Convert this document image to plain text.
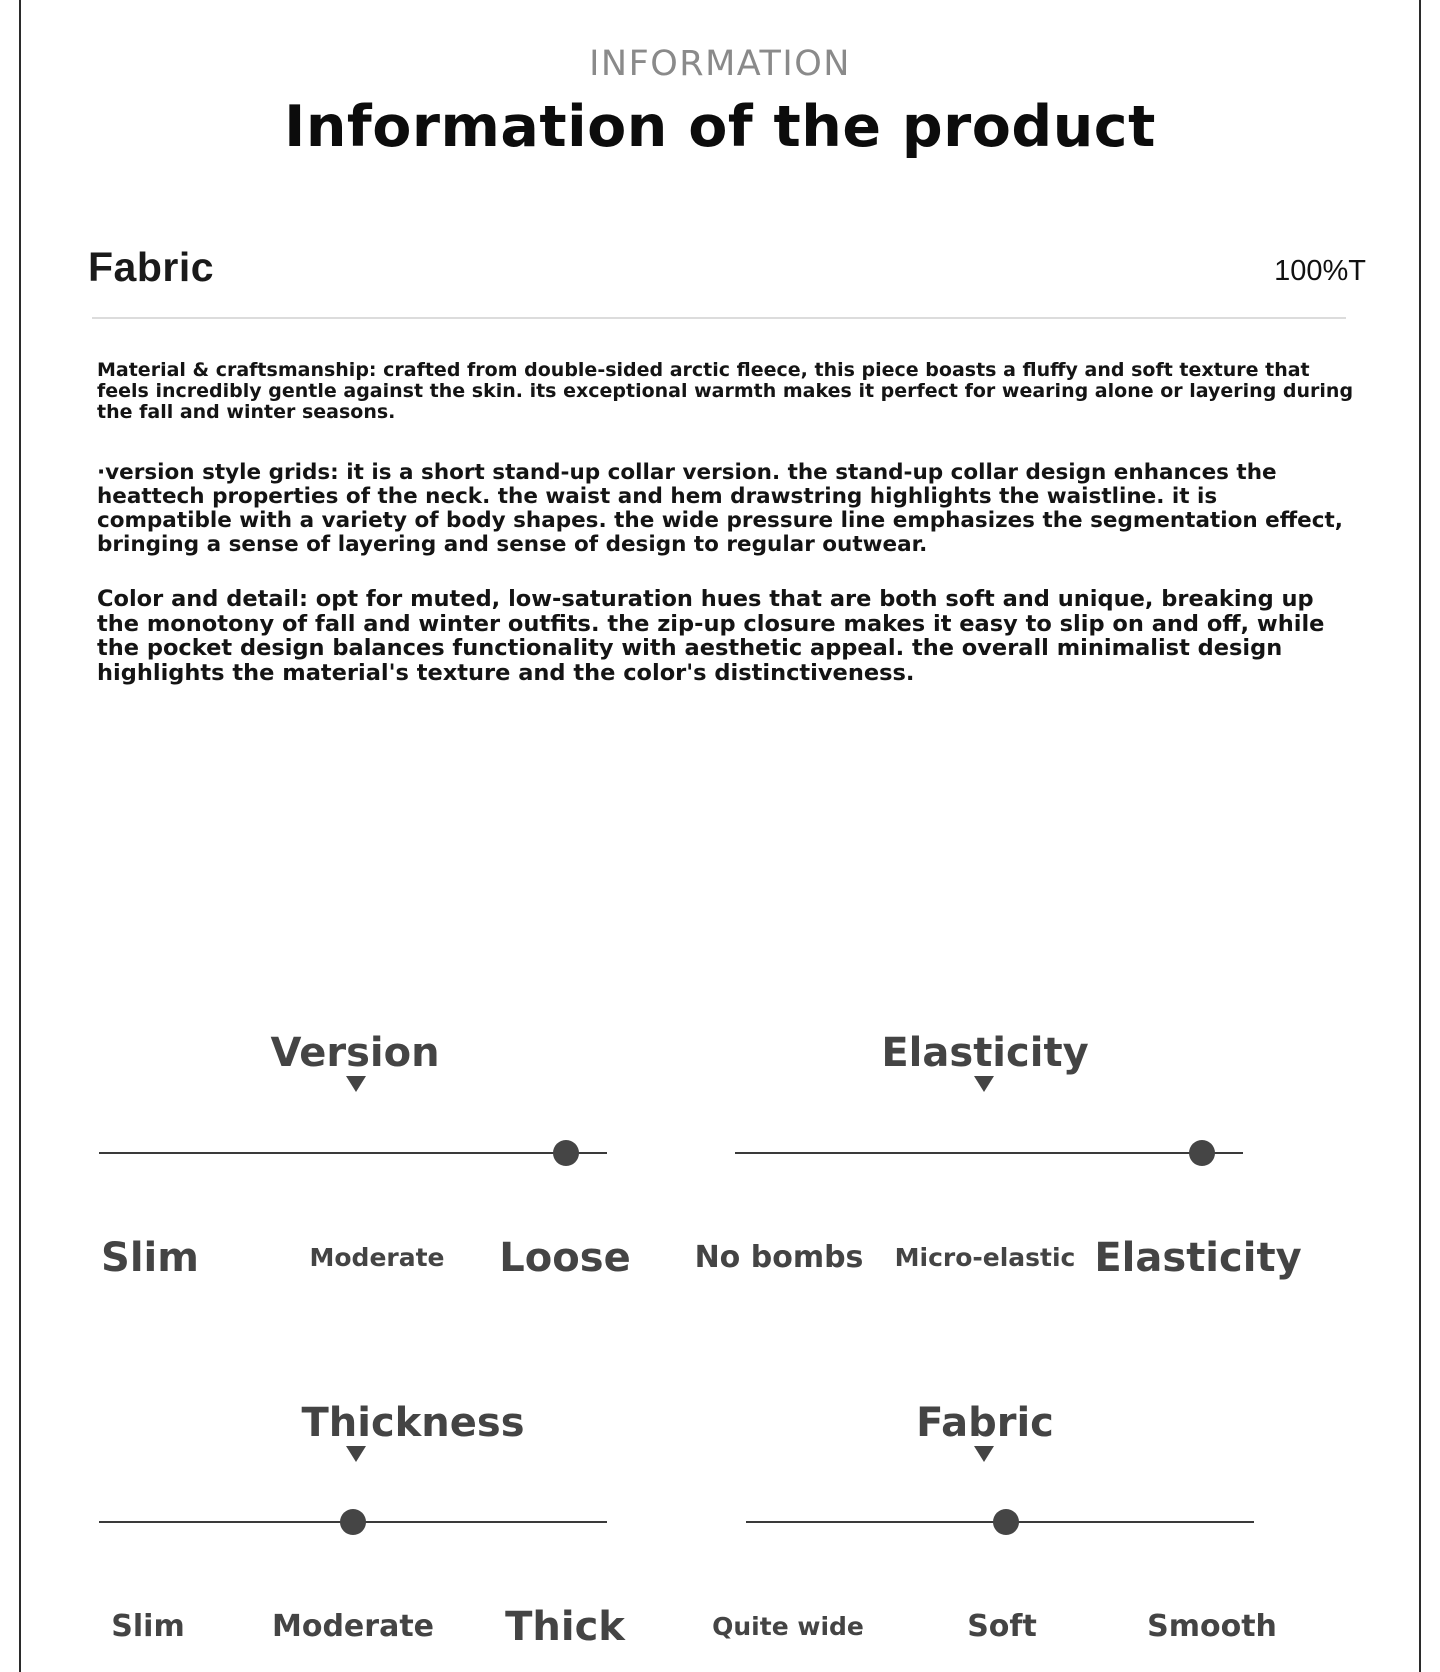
INFORMATION
Information of the product
Fabric	100%T
Material & craftsmanship: crafted from double-sided arctic fleece, this piece boasts a fluffy and soft texture that feels incredibly gentle against the skin. its exceptional warmth makes it perfect for wearing alone or layering during the fall and winter seasons.
·version style grids: it is a short stand-up collar version. the stand-up collar design enhances the heattech properties of the neck. the waist and hem drawstring highlights the waistline. it is compatible with a variety of body shapes. the wide pressure line emphasizes the segmentation effect, bringing a sense of layering and sense of design to regular outwear.
Color and detail: opt for muted, low-saturation hues that are both soft and unique, breaking up the monotony of fall and winter outfits. the zip-up closure makes it easy to slip on and off, while the pocket design balances functionality with aesthetic appeal. the overall minimalist design highlights the material's texture and the color's distinctiveness.
Version
Slim	Moderate Loose
Elasticity
No bombs Micro-elastic Elasticity
Thickness
Slim	Moderate Thick
Fabric
Quite wide	Soft	Smooth
